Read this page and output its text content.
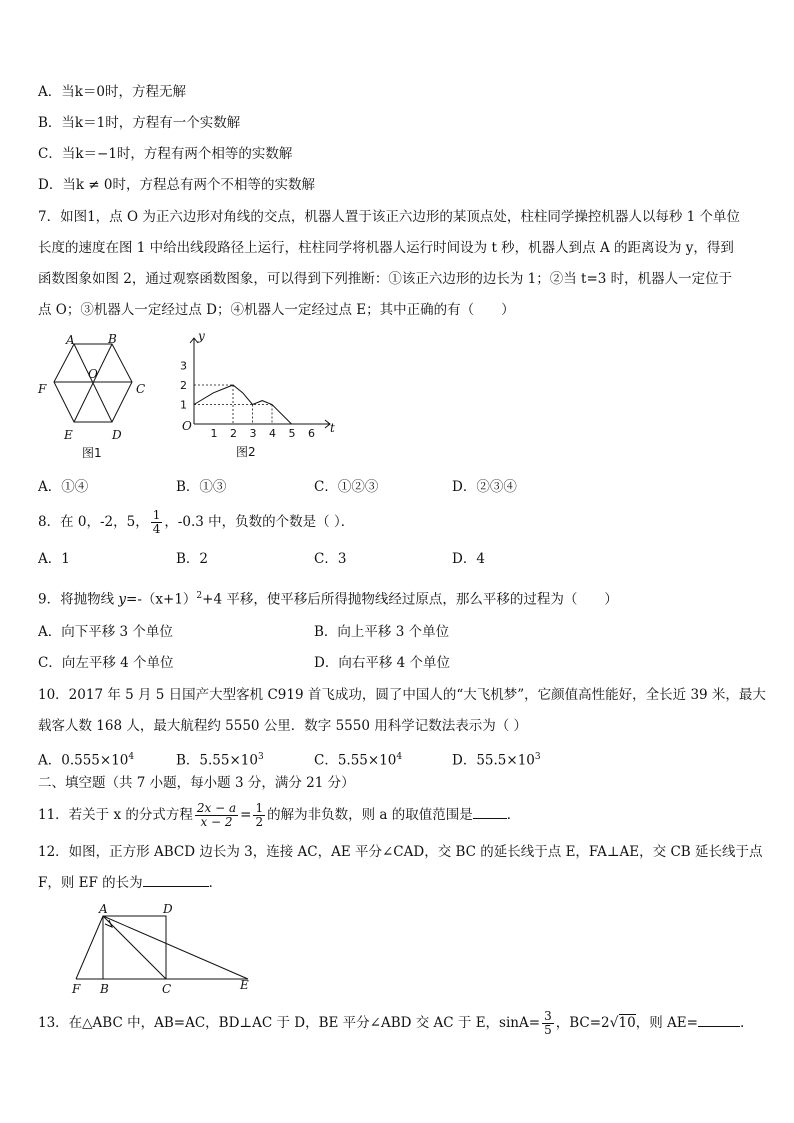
A．当k＝0时，方程无解
B．当k＝1时，方程有一个实数解
C．当k＝−1时，方程有两个相等的实数解
D．当k ≠ 0时，方程总有两个不相等的实数解
7．如图1，点 O 为正六边形对角线的交点，机器人置于该正六边形的某顶点处，柱柱同学操控机器人以每秒 1 个单位
长度的速度在图 1 中给出线段路径上运行，柱柱同学将机器人运行时间设为 t 秒，机器人到点 A 的距离设为 y，得到
函数图象如图 2，通过观察函数图象，可以得到下列推断：①该正六边形的边长为 1；②当 t=3 时，机器人一定位于
点 O；③机器人一定经过点 D；④机器人一定经过点 E；其中正确的有（　　）
A	B
C
D
E
F
O
图1
y
t
O
1 2 3 4 5 6
1
2
3
图2
A．①④	B．①③	C．①②③	D．②③④
8．在 0，-2，5， $\frac{1}{4}$ ，-0.3 中，负数的个数是（ ）．
A．1	B．2	C．3	D．4
9．将抛物线 $y=-(x+1)^2+4$ 平移，使平移后所得抛物线经过原点，那么平移的过程为（　　）
A．向下平移 3 个单位	B．向上平移 3 个单位
C．向左平移 4 个单位	D．向右平移 4 个单位
10．2017 年 5 月 5 日国产大型客机 C919 首飞成功，圆了中国人的“大飞机梦”，它颜值高性能好，全长近 39 米，最大
载客人数 168 人，最大航程约 5550 公里．数字 5550 用科学记数法表示为（ ）
A．$0.555\times 10^4$	B．$5.55\times 10^3$	C．$5.55\times 10^4$	D．$55.5\times 10^3$
二、填空题（共 7 小题，每小题 3 分，满分 21 分）
11．若关于 x 的分式方程 $\frac{2x - a}{x - 2} = \frac{1}{2}$ 的解为非负数，则 a 的取值范围是	．
12．如图，正方形 ABCD 边长为 3，连接 AC，AE 平分∠CAD，交 BC 的延长线于点 E，FA⊥AE，交 CB 延长线于点
F，则 EF 的长为	．
A	D
B	C	E
F
13．在△ABC 中，AB=AC，BD⊥AC 于 D，BE 平分∠ABD 交 AC 于 E，$\sin A= \frac{3}{5}$ ，BC=2√10，则 AE=	.
